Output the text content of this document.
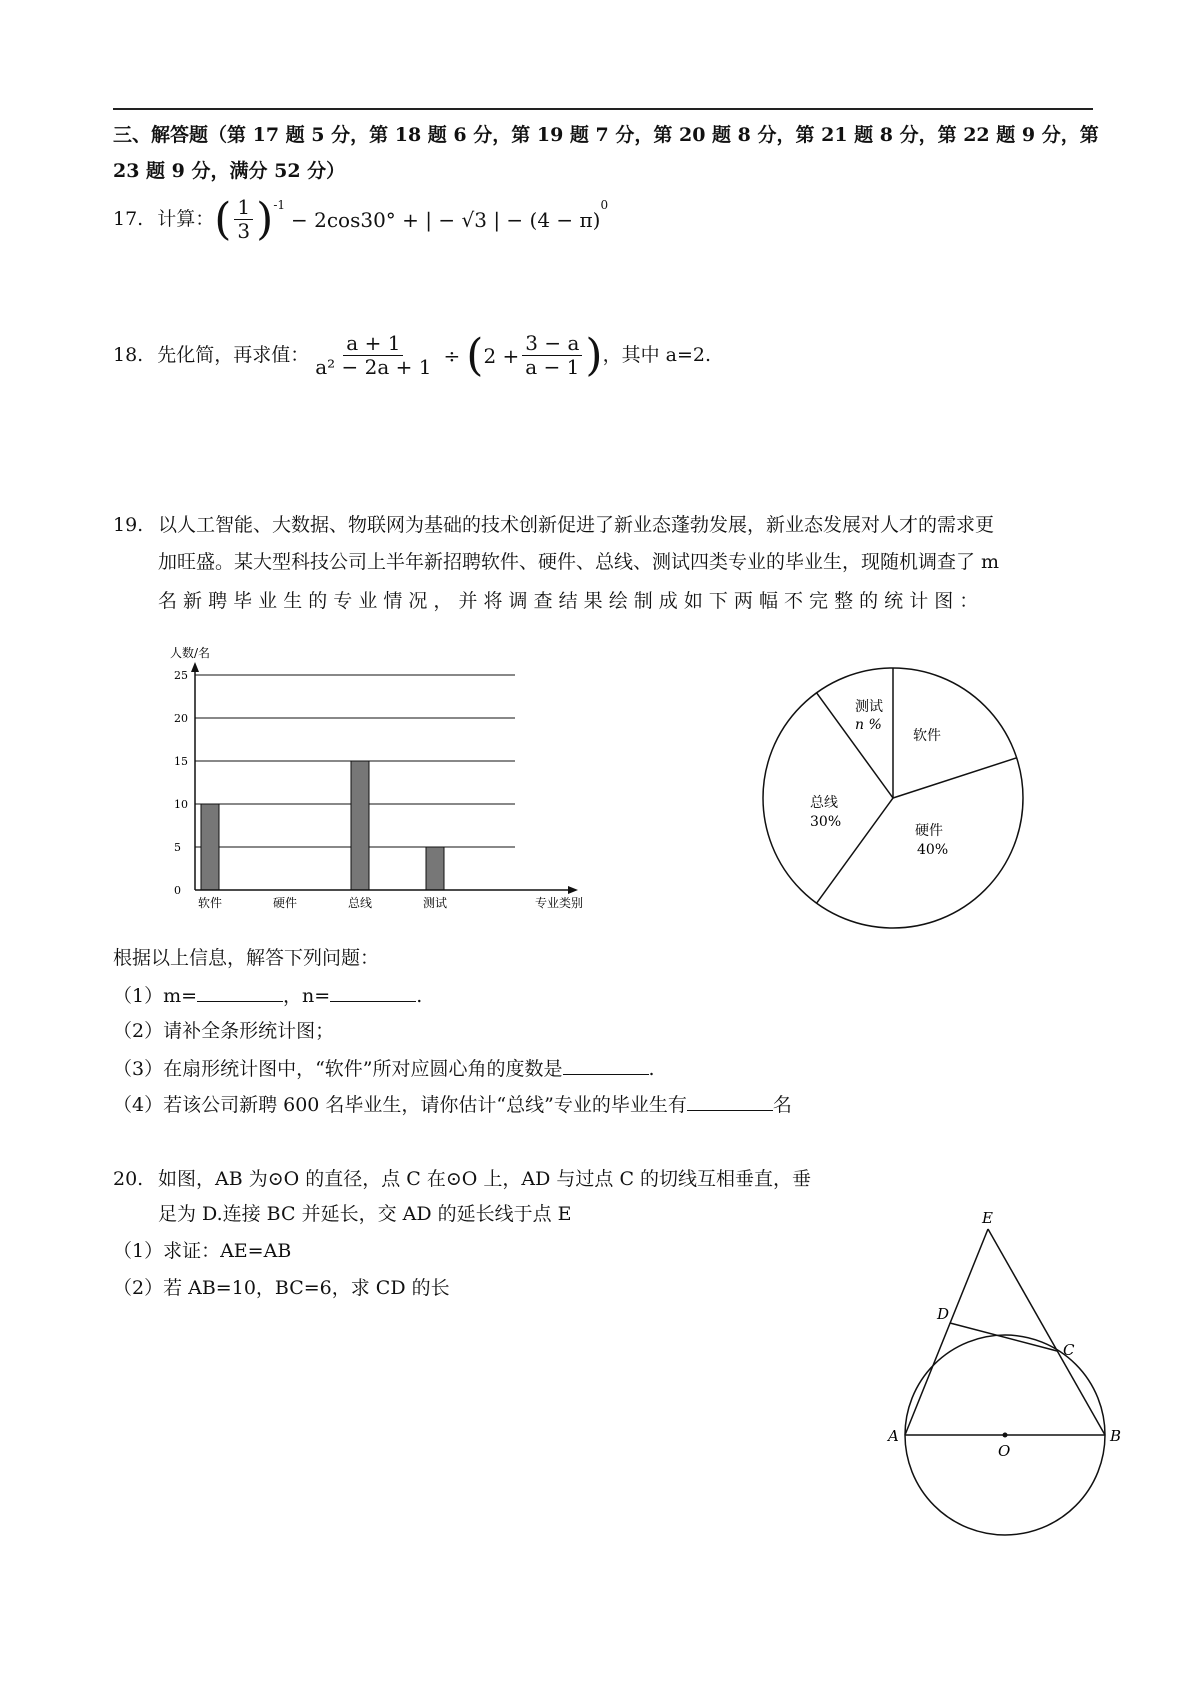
三、解答题（第 17 题 5 分，第 18 题 6 分，第 19 题 7 分，第 20 题 8 分，第 21 题 8 分，第 22 题 9 分，第
23 题 9 分，满分 52 分）
17. 计算： ( $\frac{1}{3}$ ) -1
− 2cos30° + | − √3 | − (4 − π)
0
18. 先化简，再求值： $\frac{a + 1}{\text{a² − 2a + 1}}$ ÷ ( $2 + \frac{3 - a}{a - 1}$ ) ，其中 a=2.
19. 以人工智能、大数据、物联网为基础的技术创新促进了新业态蓬勃发展，新业态发展对人才的需求更
加旺盛。某大型科技公司上半年新招聘软件、硬件、总线、测试四类专业的毕业生，现随机调查了 m
名 新 聘 毕 业 生 的 专 业 情 况 ， 并 将 调 查 结 果 绘 制 成 如 下 两 幅 不 完 整 的 统 计 图 ：
0
5
10
15
20
25
软件	硬件	总线	测试
人数/名
专业类别
软件
硬件
40%
总线
30%
测试
n %
根据以上信息，解答下列问题：
（1）m=	，n=	.
（2）请补全条形统计图；
（3）在扇形统计图中，“软件”所对应圆心角的度数是	.
（4）若该公司新聘 600 名毕业生，请你估计“总线”专业的毕业生有	名
20. 如图，AB 为⊙O 的直径，点 C 在⊙O 上，AD 与过点 C 的切线互相垂直，垂
足为 D.连接 BC 并延长，交 AD 的延长线于点 E
（1）求证：AE=AB
（2）若 AB=10，BC=6，求 CD 的长
E
D
C
A
O
B
